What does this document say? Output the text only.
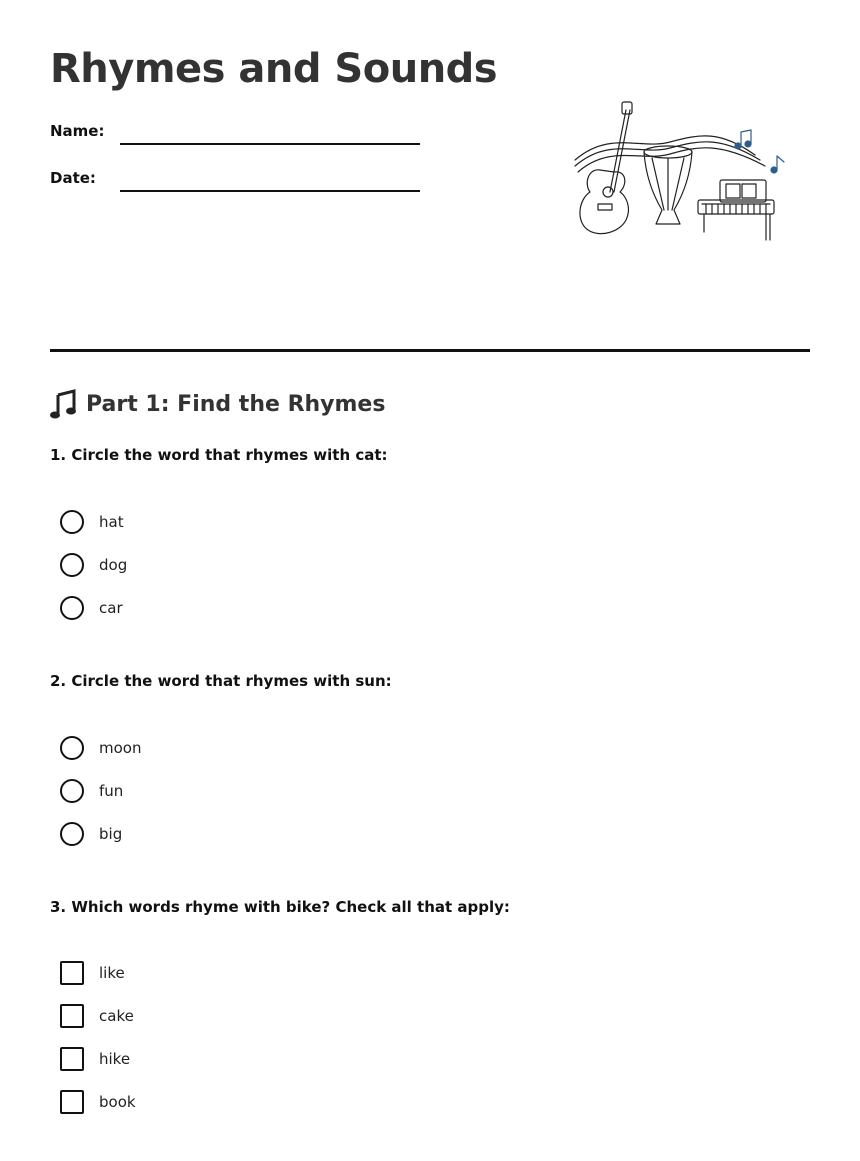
Rhymes and Sounds
Name:
Date:
Part 1: Find the Rhymes

1. Circle the word that rhymes with cat:

hat
dog
car

2. Circle the word that rhymes with sun:

moon
fun
big

3. Which words rhyme with bike? Check all that apply:

like
cake
hike
book
